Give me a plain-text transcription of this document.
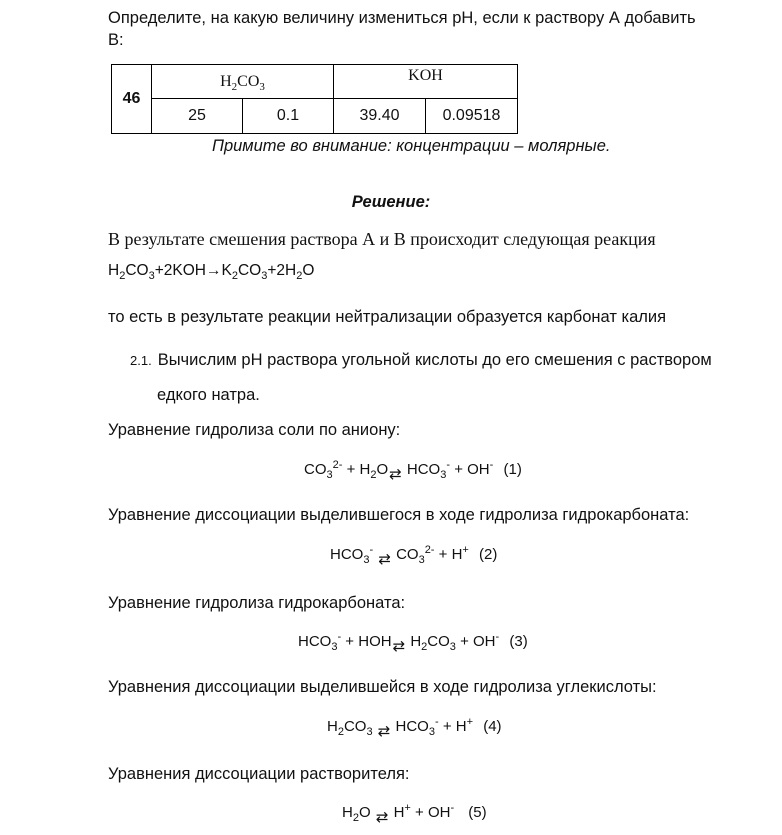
Определите, на какую величину измениться pH, если к раствору А добавить
В:
46	$H_2CO_3$		KOH	
	25	0.1	39.40	0.09518
Примите во внимание: концентрации – молярные.
Решение:
В результате смешения раствора А и В происходит следующая реакция
$H_2CO_3+2KOH\to K_2CO_3+2H_2O$
то есть в результате реакции нейтрализации образуется карбонат калия
2.1. Вычислим рН раствора угольной кислоты до его смешения с раствором
едкого натра.
Уравнение гидролиза соли по аниону:
$CO_3^{2-}$ + $H_2O⇄$ $HCO_3^- + OH^-$ (1)
Уравнение диссоциации выделившегося в ходе гидролиза гидрокарбоната:
$HCO_3^-$ ⇄ $CO_3^{2-} + H^+$ (2)
Уравнение гидролиза гидрокарбоната:
$HCO_3^-$ + HOH⇄ $H_2CO_3 + OH^-$ (3)
Уравнения диссоциации выделившейся в ходе гидролиза углекислоты:
$H_2CO_3$ ⇄ $HCO_3^- + H^+$ (4)
Уравнения диссоциации растворителя:
$H_2O$ ⇄ H+ + OH- (5)
